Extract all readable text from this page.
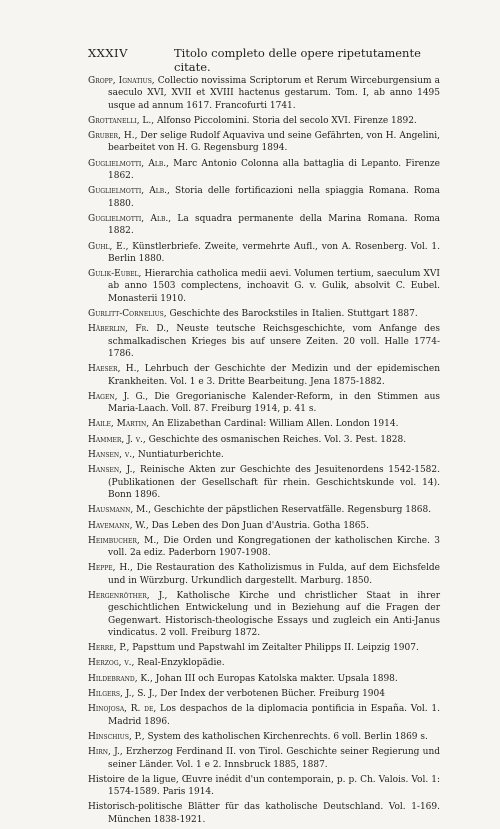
XXXIV	Titolo completo delle opere ripetutamente citate.

Gropp, Ignatius, Collectio novissima Scriptorum et Rerum Wirceburgensium a saeculo XVI, XVII et XVIII hactenus gestarum. Tom. I, ab anno 1495 usque ad annum 1617. Francofurti 1741.

Grottanelli, L., Alfonso Piccolomini. Storia del secolo XVI. Firenze 1892.

Gruber, H., Der selige Rudolf Aquaviva und seine Gefährten, von H. Angelini, bearbeitet von H. G. Regensburg 1894.

Guglielmotti, Alb., Marc Antonio Colonna alla battaglia di Lepanto. Firenze 1862.

Guglielmotti, Alb., Storia delle fortificazioni nella spiaggia Romana. Roma 1880.

Guglielmotti, Alb., La squadra permanente della Marina Romana. Roma 1882.

Guhl, E., Künstlerbriefe. Zweite, vermehrte Aufl., von A. Rosenberg. Vol. 1. Berlin 1880.

Gulik-Eubel, Hierarchia catholica medii aevi. Volumen tertium, saeculum XVI ab anno 1503 complectens, inchoavit G. v. Gulik, absolvit C. Eubel. Monasterii 1910.

Gurlitt-Cornelius, Geschichte des Barockstiles in Italien. Stuttgart 1887.

Häberlin, Fr. D., Neuste teutsche Reichsgeschichte, vom Anfange des schmalkadischen Krieges bis auf unsere Zeiten. 20 voll. Halle 1774-1786.

Haeser, H., Lehrbuch der Geschichte der Medizin und der epidemischen Krankheiten. Vol. 1 e 3. Dritte Bearbeitung. Jena 1875-1882.

Hagen, J. G., Die Gregorianische Kalender-Reform, in den Stimmen aus Maria-Laach. Voll. 87. Freiburg 1914, p. 41 s.

Haile, Martin, An Elizabethan Cardinal: William Allen. London 1914.

Hammer, J. v., Geschichte des osmanischen Reiches. Vol. 3. Pest. 1828.

Hansen, v., Nuntiaturberichte.

Hansen, J., Reinische Akten zur Geschichte des Jesuitenordens 1542-1582. (Publikationen der Gesellschaft für rhein. Geschichtskunde vol. 14). Bonn 1896.

Hausmann, M., Geschichte der päpstlichen Reservatfälle. Regensburg 1868.

Havemann, W., Das Leben des Don Juan d'Austria. Gotha 1865.

Heimbucher, M., Die Orden und Kongregationen der katholischen Kirche. 3 voll. 2a ediz. Paderborn 1907-1908.

Heppe, H., Die Restauration des Katholizismus in Fulda, auf dem Eichsfelde und in Würzburg. Urkundlich dargestellt. Marburg. 1850.

Hergenröther, J., Katholische Kirche und christlicher Staat in ihrer geschichtlichen Entwickelung und in Beziehung auf die Fragen der Gegenwart. Historisch-theologische Essays und zugleich ein Anti-Janus vindicatus. 2 voll. Freiburg 1872.

Herre, P., Papsttum und Papstwahl im Zeitalter Philipps II. Leipzig 1907.

Herzog, v., Real-Enzyklopädie.

Hildebrand, K., Johan III och Europas Katolska makter. Upsala 1898.

Hilgers, J., S. J., Der Index der verbotenen Bücher. Freiburg 1904

Hinojosa, R. de, Los despachos de la diplomacia pontificia in España. Vol. 1. Madrid 1896.

Hinschius, P., System des katholischen Kirchenrechts. 6 voll. Berlin 1869 s.

Hirn, J., Erzherzog Ferdinand II. von Tirol. Geschichte seiner Regierung und seiner Länder. Vol. 1 e 2. Innsbruck 1885, 1887.

Histoire de la ligue, Œuvre inédit d'un contemporain, p. p. Ch. Valois. Vol. 1: 1574-1589. Paris 1914.

Historisch-politische Blätter für das katholische Deutschland. Vol. 1-169. München 1838-1921.
